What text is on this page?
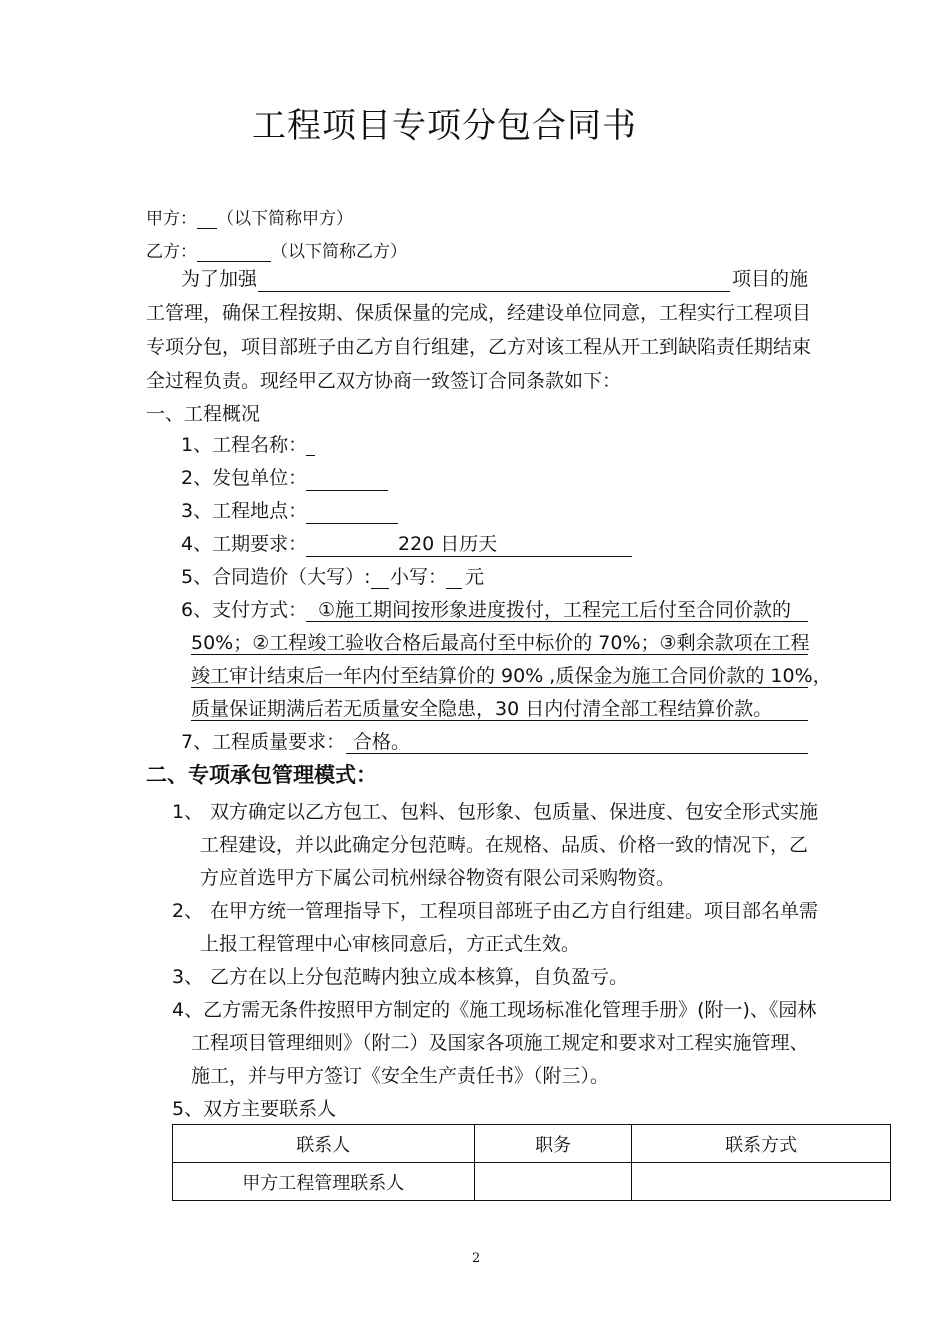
工程项目专项分包合同书
甲方： （以下简称甲方）
乙方：	（以下简称乙方）
为了加强	项目的施
工管理，确保工程按期、保质保量的完成，经建设单位同意，工程实行工程项目
专项分包，项目部班子由乙方自行组建，乙方对该工程从开工到缺陷责任期结束
全过程负责。现经甲乙双方协商一致签订合同条款如下：
一、工程概况
1、工程名称：
2、发包单位：
3、工程地点：
4、工期要求：	220 日历天
5、合同造价（大写）: 小写： 元
6、支付方式： ①施工期间按形象进度拨付，工程完工后付至合同价款的
50%；②工程竣工验收合格后最高付至中标价的 70%；③剩余款项在工程
竣工审计结束后一年内付至结算价的 90% ,质保金为施工合同价款的 10%，
质量保证期满后若无质量安全隐患，30 日内付清全部工程结算价款。
7、工程质量要求： 合格。
二、专项承包管理模式：
1、 双方确定以乙方包工、包料、包形象、包质量、保进度、包安全形式实施
工程建设，并以此确定分包范畴。在规格、品质、价格一致的情况下，乙
方应首选甲方下属公司杭州绿谷物资有限公司采购物资。
2、 在甲方统一管理指导下，工程项目部班子由乙方自行组建。项目部名单需
上报工程管理中心审核同意后，方正式生效。
3、 乙方在以上分包范畴内独立成本核算，自负盈亏。
4、乙方需无条件按照甲方制定的《施工现场标准化管理手册》(附一)、《园林
工程项目管理细则》（附二）及国家各项施工规定和要求对工程实施管理、
施工，并与甲方签订《安全生产责任书》（附三）。
5、双方主要联系人
联系人	职务	联系方式
甲方工程管理联系人		
2
